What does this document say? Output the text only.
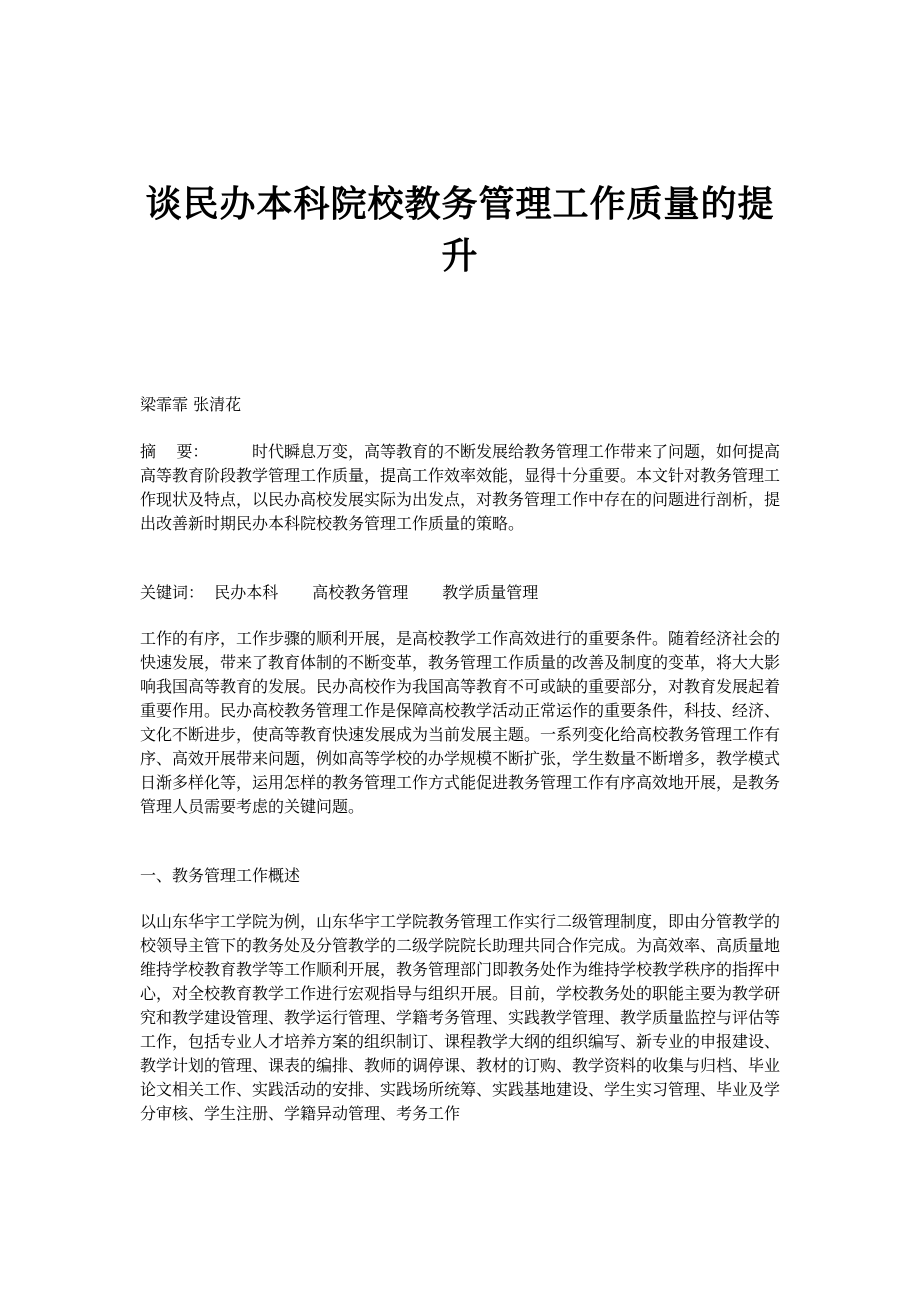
谈民办本科院校教务管理工作质量的提升

梁霏霏 张清花

摘    要：	时代瞬息万变，高等教育的不断发展给教务管理工作带来了问题，如何提高高等教育阶段教学管理工作质量，提高工作效率效能，显得十分重要。本文针对教务管理工作现状及特点，以民办高校发展实际为出发点，对教务管理工作中存在的问题进行剖析，提出改善新时期民办本科院校教务管理工作质量的策略。

关键词： 民办本科 高校教务管理 教学质量管理

工作的有序，工作步骤的顺利开展，是高校教学工作高效进行的重要条件。随着经济社会的快速发展，带来了教育体制的不断变革，教务管理工作质量的改善及制度的变革，将大大影响我国高等教育的发展。民办高校作为我国高等教育不可或缺的重要部分，对教育发展起着重要作用。民办高校教务管理工作是保障高校教学活动正常运作的重要条件，科技、经济、文化不断进步，使高等教育快速发展成为当前发展主题。一系列变化给高校教务管理工作有序、高效开展带来问题，例如高等学校的办学规模不断扩张，学生数量不断增多，教学模式日渐多样化等，运用怎样的教务管理工作方式能促进教务管理工作有序高效地开展，是教务管理人员需要考虑的关键问题。

一、教务管理工作概述

以山东华宇工学院为例，山东华宇工学院教务管理工作实行二级管理制度，即由分管教学的校领导主管下的教务处及分管教学的二级学院院长助理共同合作完成。为高效率、高质量地维持学校教育教学等工作顺利开展，教务管理部门即教务处作为维持学校教学秩序的指挥中心，对全校教育教学工作进行宏观指导与组织开展。目前，学校教务处的职能主要为教学研究和教学建设管理、教学运行管理、学籍考务管理、实践教学管理、教学质量监控与评估等工作，包括专业人才培养方案的组织制订、课程教学大纲的组织编写、新专业的申报建设、教学计划的管理、课表的编排、教师的调停课、教材的订购、教学资料的收集与归档、毕业论文相关工作、实践活动的安排、实践场所统筹、实践基地建设、学生实习管理、毕业及学分审核、学生注册、学籍异动管理、考务工作
